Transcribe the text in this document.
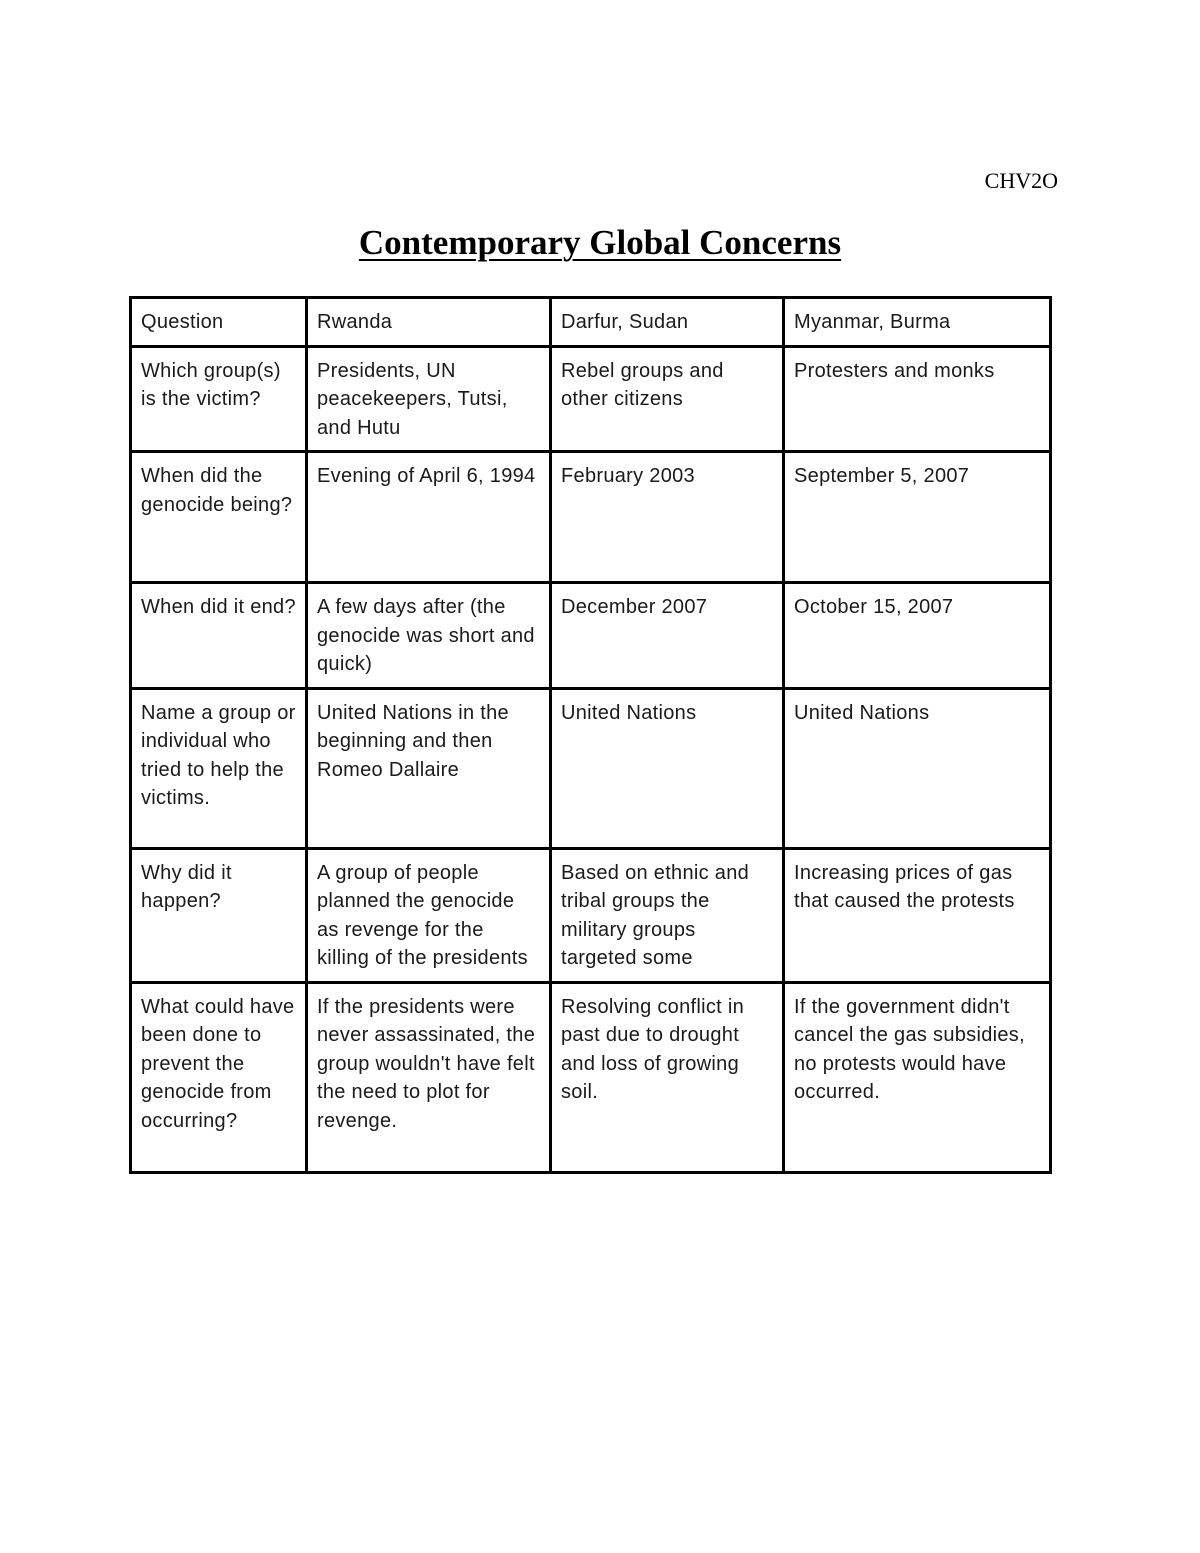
CHV2O
Contemporary Global Concerns
Question	Rwanda	Darfur, Sudan	Myanmar, Burma
Which group(s) is the victim?	Presidents, UN peacekeepers, Tutsi, and Hutu	Rebel groups and other citizens	Protesters and monks
When did the genocide being?	Evening of April 6, 1994	February 2003	September 5, 2007
When did it end?	A few days after (the genocide was short and quick)	December 2007	October 15, 2007
Name a group or individual who tried to help the victims.	United Nations in the beginning and then Romeo Dallaire	United Nations	United Nations
Why did it happen?	A group of people planned the genocide as revenge for the killing of the presidents	Based on ethnic and tribal groups the military groups targeted some	Increasing prices of gas that caused the protests
What could have been done to prevent the genocide from occurring?	If the presidents were never assassinated, the group wouldn't have felt the need to plot for revenge.	Resolving conflict in past due to drought and loss of growing soil.	If the government didn't cancel the gas subsidies, no protests would have occurred.
